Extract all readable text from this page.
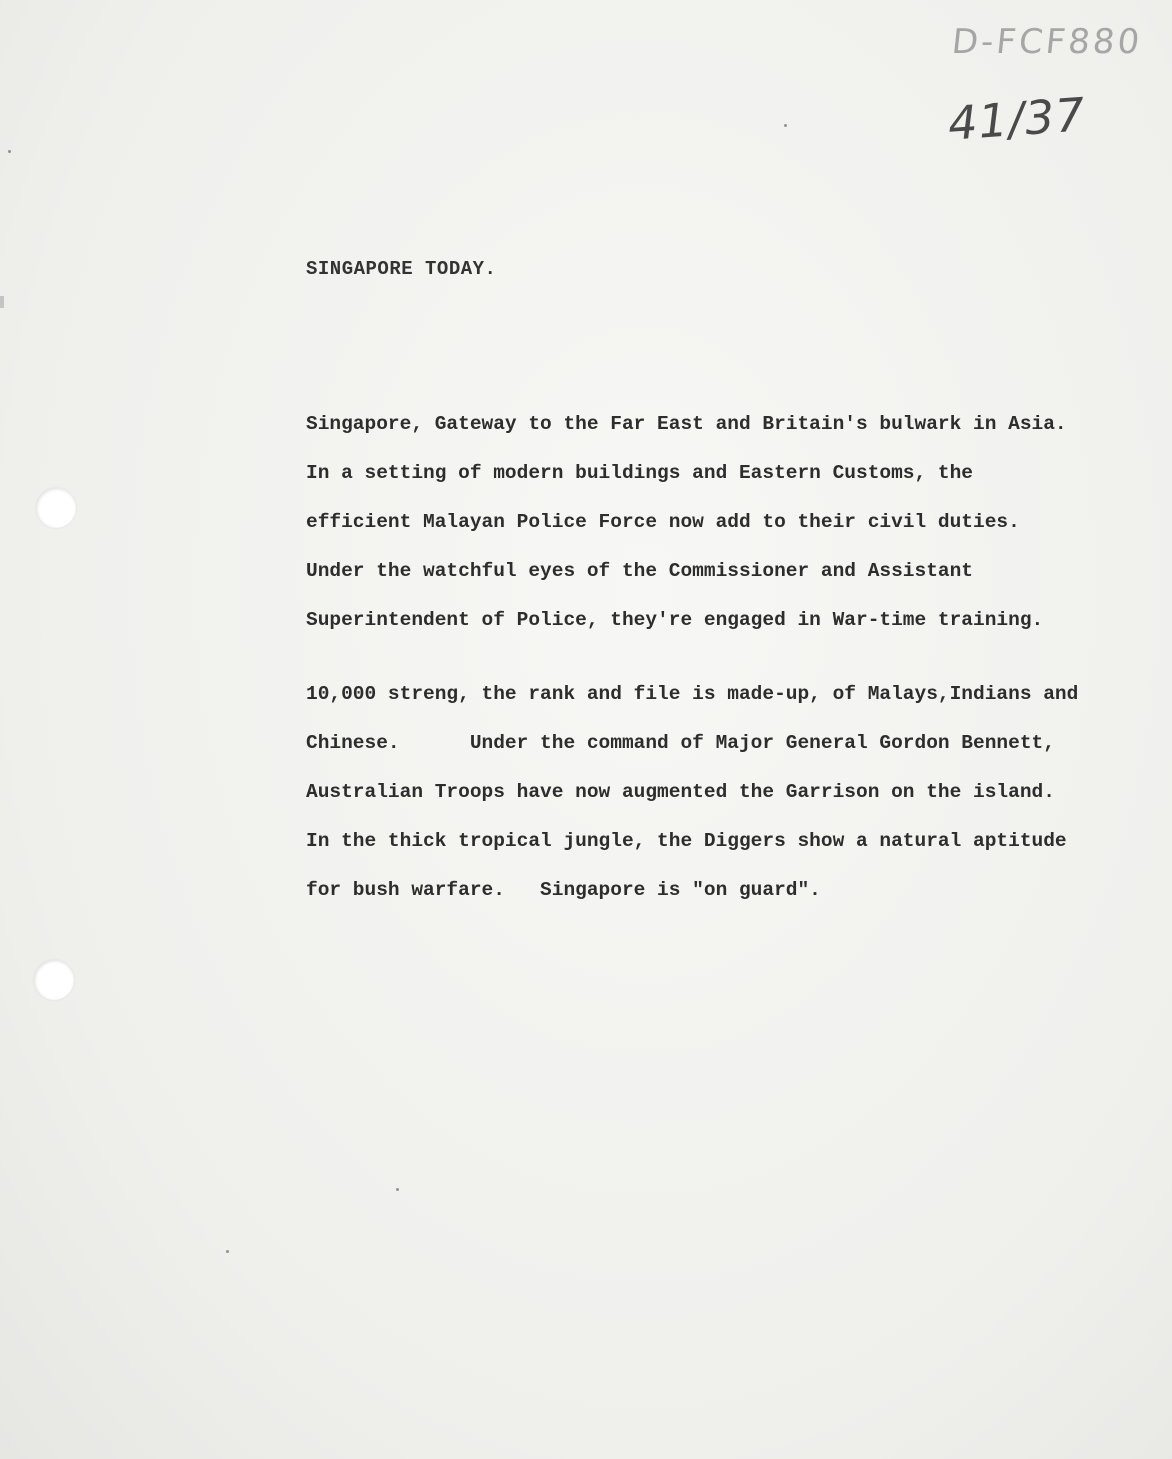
D-FCF880
41/37
SINGAPORE TODAY.
Singapore, Gateway to the Far East and Britain's bulwark in Asia.
In a setting of modern buildings and Eastern Customs, the
efficient Malayan Police Force now add to their civil duties.
Under the watchful eyes of the Commissioner and Assistant
Superintendent of Police, they're engaged in War-time training.
10,000 streng, the rank and file is made-up, of Malays,Indians and
Chinese.      Under the command of Major General Gordon Bennett,
Australian Troops have now augmented the Garrison on the island.
In the thick tropical jungle, the Diggers show a natural aptitude
for bush warfare.   Singapore is "on guard".
